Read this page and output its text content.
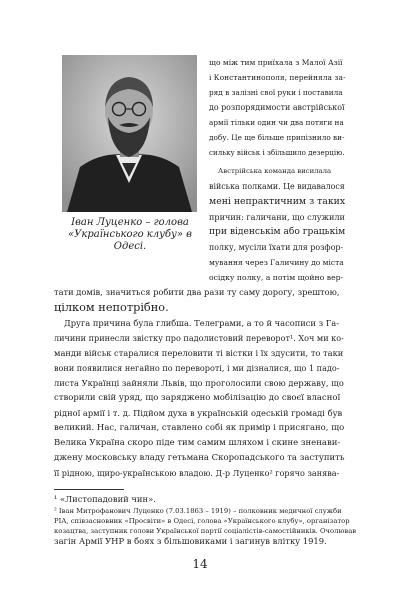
Іван Луценко – голова
«Українського клубу» в Одесі.
що між тим приїхала з Малої Азії
і Константинополя, перейняла за-
ряд в залізні свої руки і поставила
до розпорядимости австрійської
армії тільки один чи два потяги на
добу. Це ще більше припізнило ви-
сильку військ і збільшило дезерцію.
Австрійська команда висилала
війська полками. Це видавалося
мені непрактичним з таких
причин: галичани, що служили
при віденськім або грацькім
полку, мусіли їхати для розфор-
мування через Галичину до міста
осідку полку, а потім щойно вер-
тати домів, значиться робити два рази ту саму дорогу, зрештою,
цілком непотрібно.
Друга причина була глибша. Телеграми, а то й часописи з Га-
личини принесли звістку про падолистовий переворот¹. Хоч ми ко-
манди військ старалися переловити ті вістки і їх здусити, то таки
вони появилися негайно по перевороті, і ми дізналися, що 1 падо-
листа Українці зайняли Львів, що проголосили свою державу, що
створили свій уряд, що заряджено мобілізацію до своєї власної
рідної армії і т. д. Підйом духа в українській одеській громаді був
великий. Нас, галичан, ставлено собі як примір і присягано, що
Велика Україна скоро піде тим самим шляхом і скине зненави-
джену московську владу гетьмана Скоропадського та заступить
її рідною, щиро-українською владою. Д-р Луценко² горячо занява-
¹ «Листопадовий чин».
² Іван Митрофанович Луценко (7.03.1863 – 1919) – полковник медичної служби
РІА, співзасновник «Просвіти» в Одесі, голова «Українського клубу», організатор
козацтва, заступник голови Української партії соціалістів-самостійників. Очолював
загін Армії УНР в боях з більшовиками і загинув влітку 1919.
14
